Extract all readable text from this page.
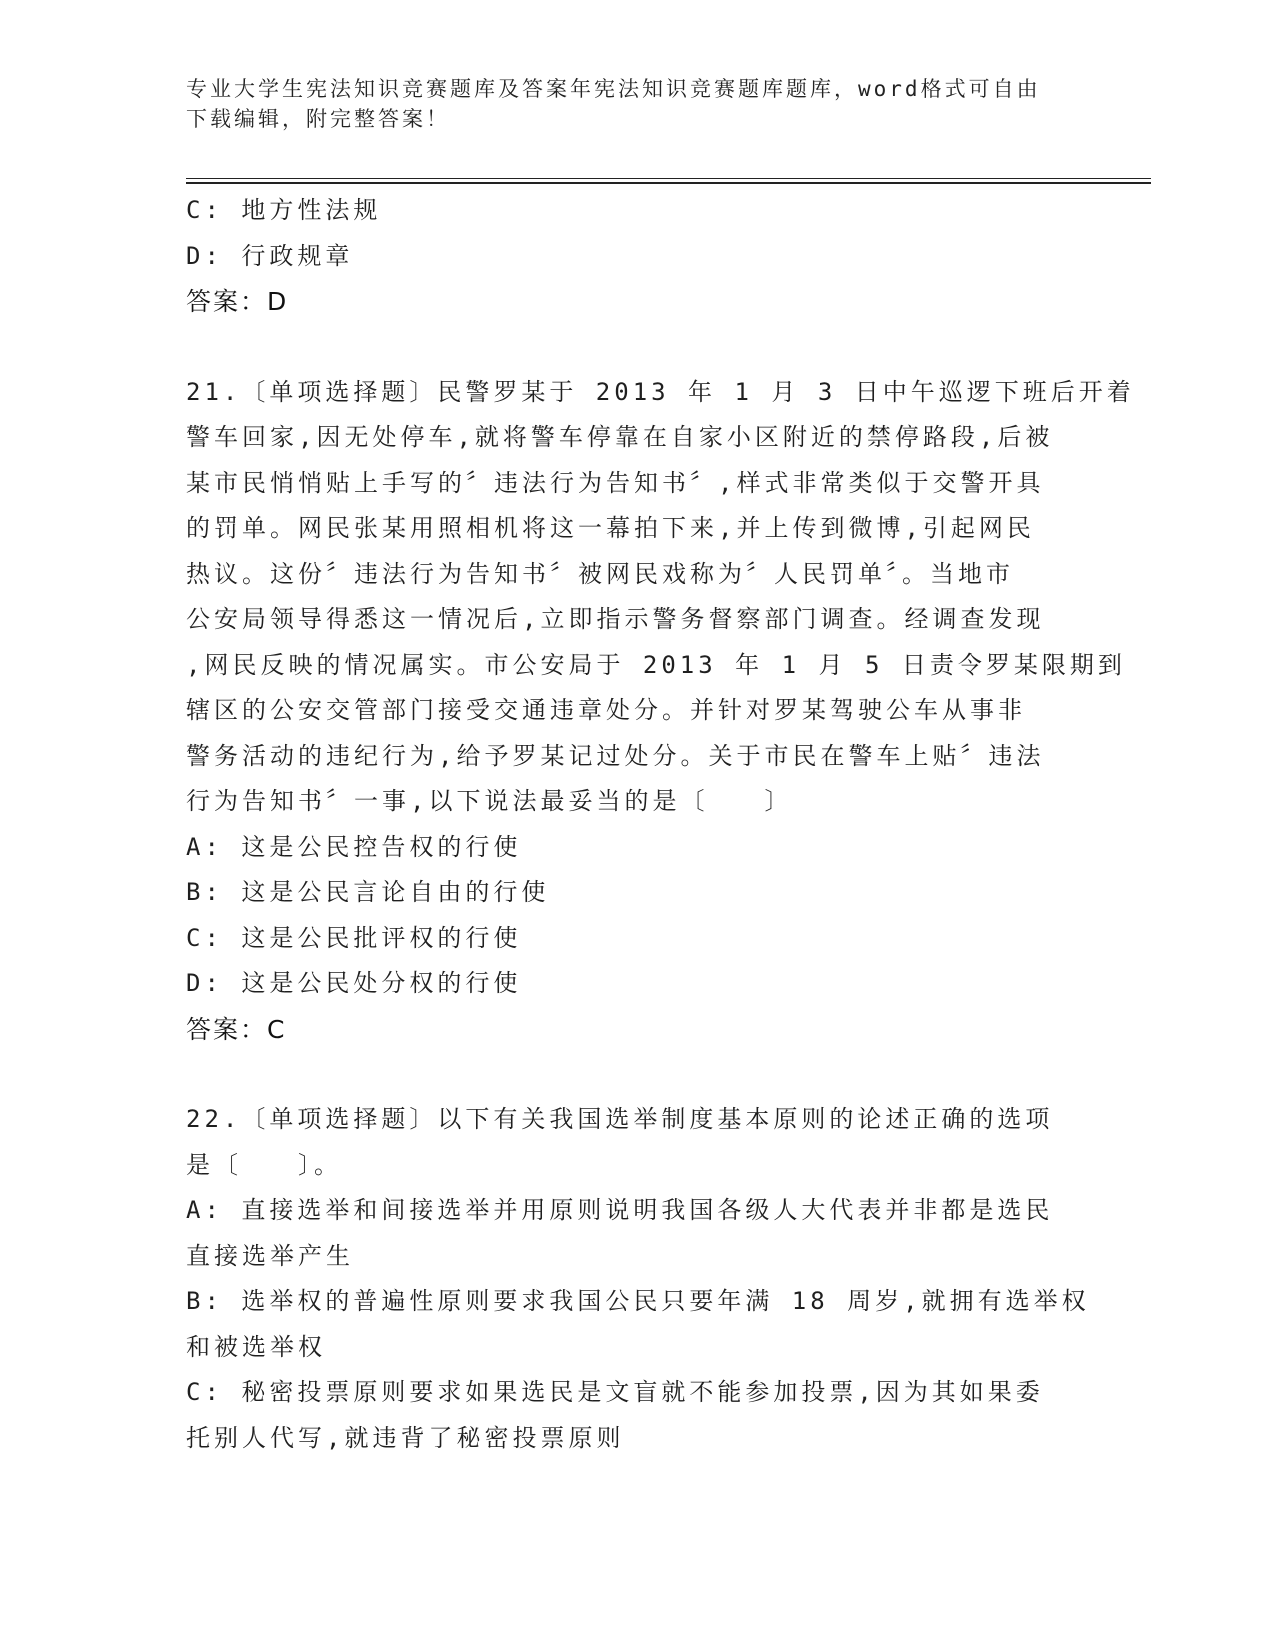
专业大学生宪法知识竞赛题库及答案年宪法知识竞赛题库题库，word格式可自由
下载编辑，附完整答案！
C: 地方性法规
D: 行政规章
答案：D
21.〔单项选择题〕民警罗某于 2013 年 1 月 3 日中午巡逻下班后开着
警车回家,因无处停车,就将警车停靠在自家小区附近的禁停路段,后被
某市民悄悄贴上手写的〞违法行为告知书〞,样式非常类似于交警开具
的罚单。网民张某用照相机将这一幕拍下来,并上传到微博,引起网民
热议。这份〞违法行为告知书〞被网民戏称为〞人民罚单〞。当地市
公安局领导得悉这一情况后,立即指示警务督察部门调查。经调查发现
,网民反映的情况属实。市公安局于 2013 年 1 月 5 日责令罗某限期到
辖区的公安交管部门接受交通违章处分。并针对罗某驾驶公车从事非
警务活动的违纪行为,给予罗某记过处分。关于市民在警车上贴〞违法
行为告知书〞一事,以下说法最妥当的是〔　　〕
A: 这是公民控告权的行使
B: 这是公民言论自由的行使
C: 这是公民批评权的行使
D: 这是公民处分权的行使
答案：C
22.〔单项选择题〕以下有关我国选举制度基本原则的论述正确的选项
是〔　　〕。
A: 直接选举和间接选举并用原则说明我国各级人大代表并非都是选民
直接选举产生
B: 选举权的普遍性原则要求我国公民只要年满 18 周岁,就拥有选举权
和被选举权
C: 秘密投票原则要求如果选民是文盲就不能参加投票,因为其如果委
托别人代写,就违背了秘密投票原则
